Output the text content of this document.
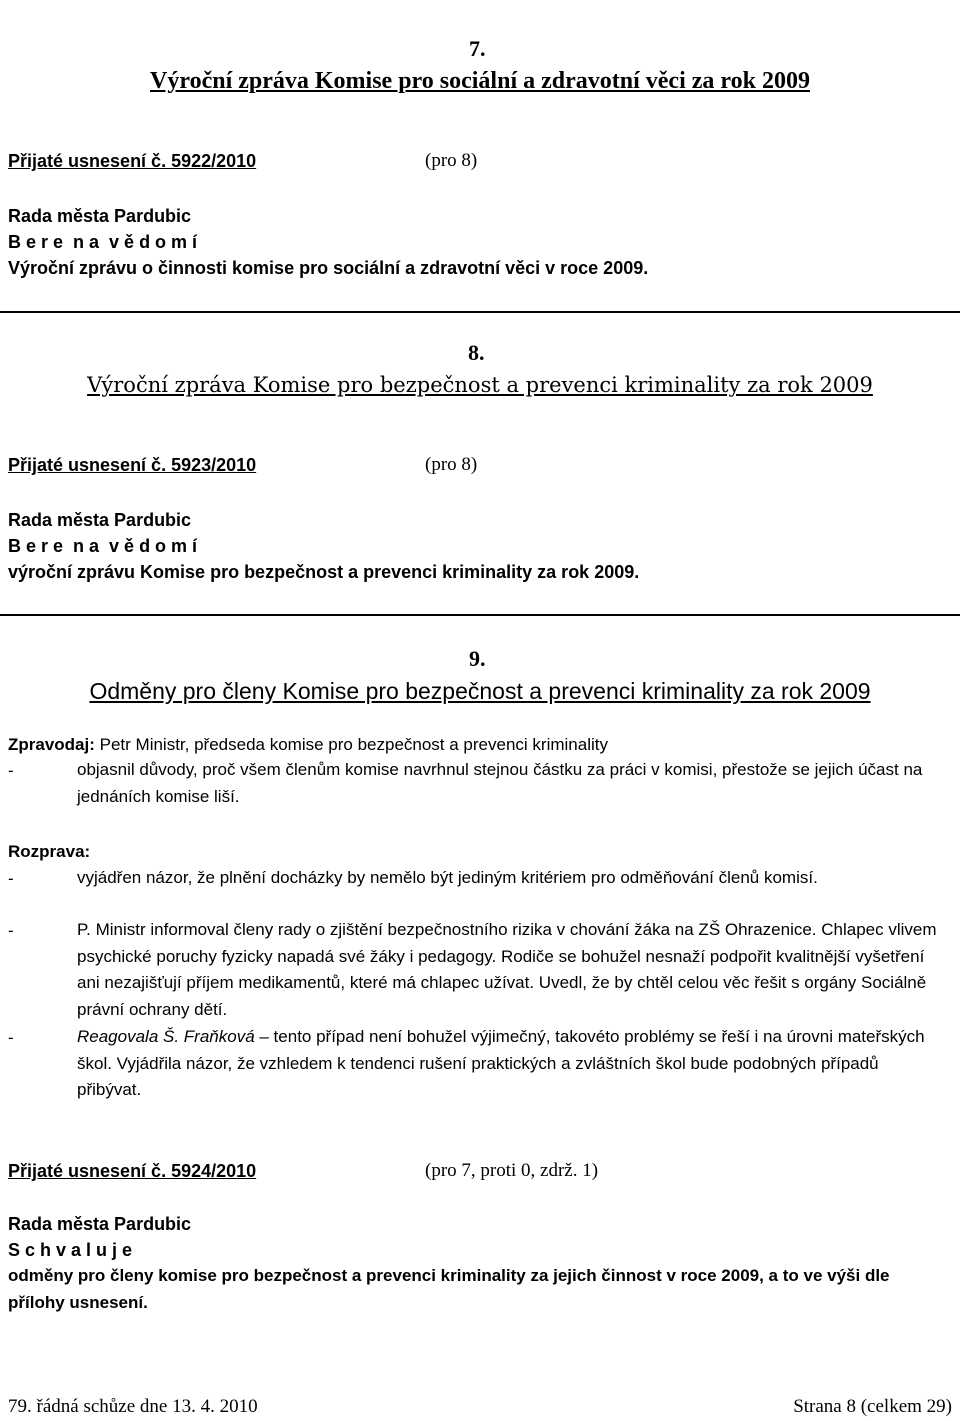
7.
Výroční zpráva Komise pro sociální a zdravotní věci za rok 2009
Přijaté usnesení č. 5922/2010	(pro 8)
Rada města Pardubic
B e r e  n a  v ě d o m í
Výroční zprávu o činnosti komise pro sociální a zdravotní věci v roce 2009.
8.
Výroční zpráva Komise pro bezpečnost a prevenci kriminality za rok 2009
Přijaté usnesení č. 5923/2010	(pro 8)
Rada města Pardubic
B e r e  n a  v ě d o m í
výroční zprávu Komise pro bezpečnost a prevenci kriminality za rok 2009.
9.
Odměny pro členy Komise pro bezpečnost a prevenci kriminality za rok 2009
Zpravodaj: Petr Ministr, předseda komise pro bezpečnost a prevenci kriminality
-	objasnil důvody, proč všem členům komise navrhnul stejnou částku za práci v komisi, přestože se jejich účast na jednáních komise liší.
Rozprava:
-	vyjádřen názor, že plnění docházky by nemělo být jediným kritériem pro odměňování členů komisí.
-	P. Ministr informoval členy rady o zjištění bezpečnostního rizika v chování žáka na ZŠ Ohrazenice. Chlapec vlivem psychické poruchy fyzicky napadá své žáky i pedagogy. Rodiče se bohužel nesnaží podpořit kvalitnější vyšetření ani nezajišťují příjem medikamentů, které má chlapec užívat. Uvedl, že by chtěl celou věc řešit s orgány Sociálně právní ochrany dětí.
-	Reagovala Š. Fraňková – tento případ není bohužel výjimečný, takovéto problémy se řeší i na úrovni mateřských škol. Vyjádřila názor, že vzhledem k tendenci rušení praktických a zvláštních škol bude podobných případů přibývat.
Přijaté usnesení č. 5924/2010	(pro 7, proti 0, zdrž. 1)
Rada města Pardubic
S c h v a l u j e
odměny pro členy komise pro bezpečnost a prevenci kriminality za jejich činnost v roce 2009, a to ve výši dle přílohy usnesení.
79. řádná schůze dne 13. 4. 2010	Strana 8 (celkem 29)
